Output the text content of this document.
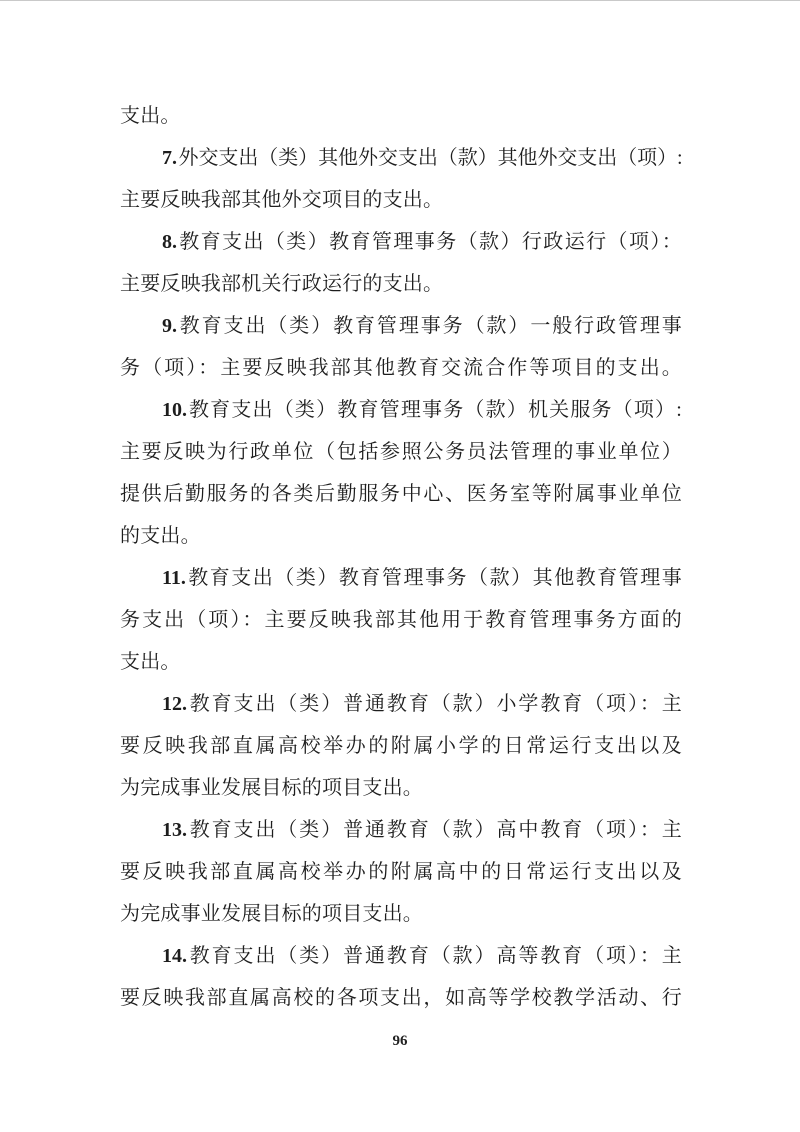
支出。
7.外交支出（类）其他外交支出（款）其他外交支出（项）:
主要反映我部其他外交项目的支出。
8.教育支出（类）教育管理事务（款）行政运行（项）：
主要反映我部机关行政运行的支出。
9.教育支出（类）教育管理事务（款）一般行政管理事
务（项）：主要反映我部其他教育交流合作等项目的支出。
10.教育支出（类）教育管理事务（款）机关服务（项）:
主要反映为行政单位（包括参照公务员法管理的事业单位）
提供后勤服务的各类后勤服务中心、医务室等附属事业单位
的支出。
11.教育支出（类）教育管理事务（款）其他教育管理事
务支出（项）：主要反映我部其他用于教育管理事务方面的
支出。
12.教育支出（类）普通教育（款）小学教育（项）：主
要反映我部直属高校举办的附属小学的日常运行支出以及
为完成事业发展目标的项目支出。
13.教育支出（类）普通教育（款）高中教育（项）：主
要反映我部直属高校举办的附属高中的日常运行支出以及
为完成事业发展目标的项目支出。
14.教育支出（类）普通教育（款）高等教育（项）：主
要反映我部直属高校的各项支出，如高等学校教学活动、行
96
